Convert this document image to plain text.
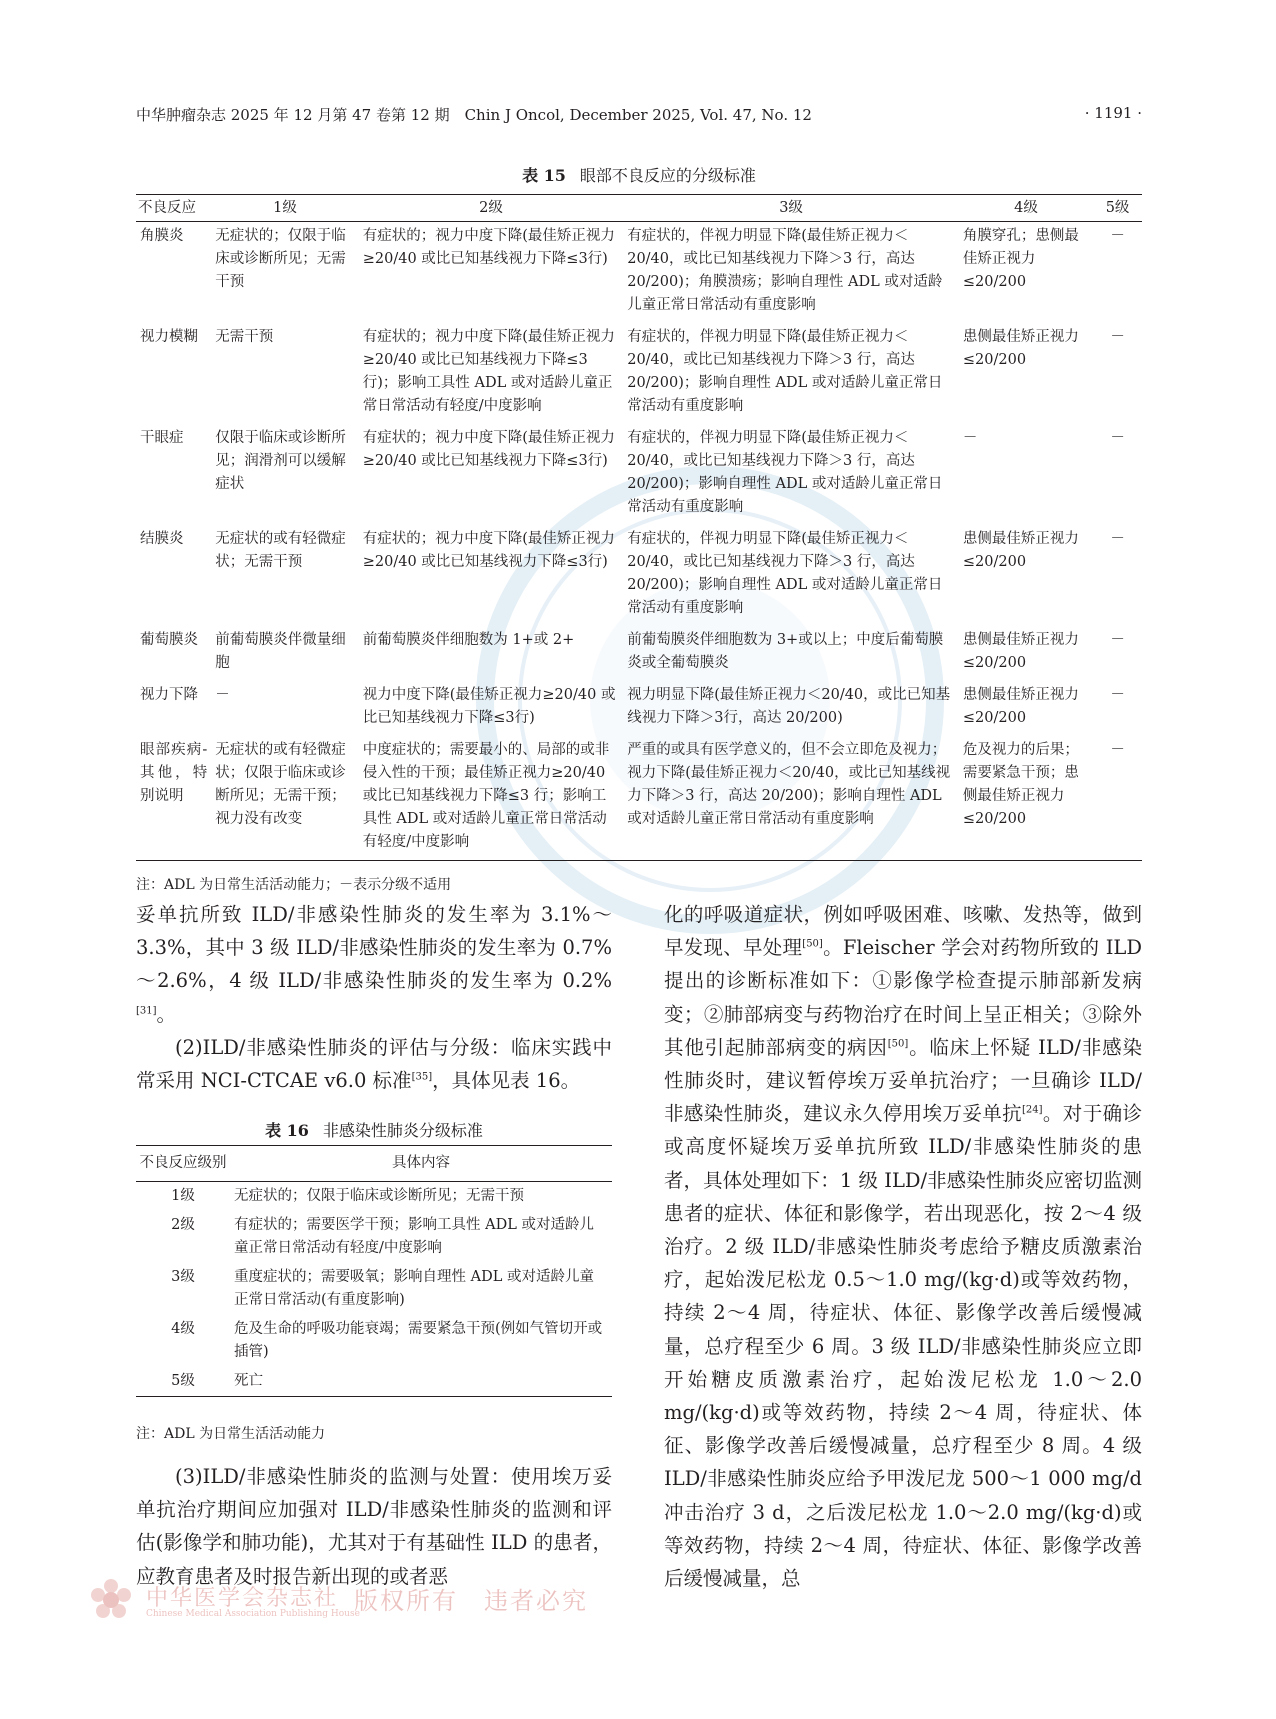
中华肿瘤杂志 2025 年 12 月第 47 卷第 12 期　Chin J Oncol, December 2025, Vol. 47, No. 12	· 1191 ·
表 15 眼部不良反应的分级标准
不良反应	1级	2级	3级	4级	5级
角膜炎	无症状的；仅限于临床或诊断所见；无需干预	有症状的；视力中度下降(最佳矫正视力≥20/40 或比已知基线视力下降≤3行)	有症状的，伴视力明显下降(最佳矫正视力＜20/40，或比已知基线视力下降＞3 行，高达 20/200)；角膜溃疡；影响自理性 ADL 或对适龄儿童正常日常活动有重度影响	角膜穿孔；患侧最佳矫正视力≤20/200	－
视力模糊	无需干预	有症状的；视力中度下降(最佳矫正视力≥20/40 或比已知基线视力下降≤3行)；影响工具性 ADL 或对适龄儿童正常日常活动有轻度/中度影响	有症状的，伴视力明显下降(最佳矫正视力＜20/40，或比已知基线视力下降＞3 行，高达 20/200)；影响自理性 ADL 或对适龄儿童正常日常活动有重度影响	患侧最佳矫正视力≤20/200	－
干眼症	仅限于临床或诊断所见；润滑剂可以缓解症状	有症状的；视力中度下降(最佳矫正视力≥20/40 或比已知基线视力下降≤3行)	有症状的，伴视力明显下降(最佳矫正视力＜20/40，或比已知基线视力下降＞3 行，高达 20/200)；影响自理性 ADL 或对适龄儿童正常日常活动有重度影响	－	－
结膜炎	无症状的或有轻微症状；无需干预	有症状的；视力中度下降(最佳矫正视力≥20/40 或比已知基线视力下降≤3行)	有症状的，伴视力明显下降(最佳矫正视力＜20/40，或比已知基线视力下降＞3 行，高达 20/200)；影响自理性 ADL 或对适龄儿童正常日常活动有重度影响	患侧最佳矫正视力≤20/200	－
葡萄膜炎	前葡萄膜炎伴微量细胞	前葡萄膜炎伴细胞数为 1+或 2+	前葡萄膜炎伴细胞数为 3+或以上；中度后葡萄膜炎或全葡萄膜炎	患侧最佳矫正视力≤20/200	－
视力下降	－	视力中度下降(最佳矫正视力≥20/40 或比已知基线视力下降≤3行)	视力明显下降(最佳矫正视力＜20/40，或比已知基线视力下降＞3行，高达 20/200)	患侧最佳矫正视力≤20/200	－
眼部疾病-其他，特别说明	无症状的或有轻微症状；仅限于临床或诊断所见；无需干预；视力没有改变	中度症状的；需要最小的、局部的或非侵入性的干预；最佳矫正视力≥20/40 或比已知基线视力下降≤3 行；影响工具性 ADL 或对适龄儿童正常日常活动有轻度/中度影响	严重的或具有医学意义的，但不会立即危及视力；视力下降(最佳矫正视力＜20/40，或比已知基线视力下降＞3 行，高达 20/200)；影响自理性 ADL 或对适龄儿童正常日常活动有重度影响	危及视力的后果；需要紧急干预；患侧最佳矫正视力≤20/200	－
注：ADL 为日常生活活动能力；－表示分级不适用

妥单抗所致 ILD/非感染性肺炎的发生率为 3.1%～3.3%，其中 3 级 ILD/非感染性肺炎的发生率为 0.7%～2.6%，4 级 ILD/非感染性肺炎的发生率为 0.2%[31]。

(2)ILD/非感染性肺炎的评估与分级：临床实践中常采用 NCI-CTCAE v6.0 标准[35]，具体见表 16。

表 16 非感染性肺炎分级标准
不良反应级别	具体内容
1级	无症状的；仅限于临床或诊断所见；无需干预
2级	有症状的；需要医学干预；影响工具性 ADL 或对适龄儿童正常日常活动有轻度/中度影响
3级	重度症状的；需要吸氧；影响自理性 ADL 或对适龄儿童正常日常活动(有重度影响)
4级	危及生命的呼吸功能衰竭；需要紧急干预(例如气管切开或插管)
5级	死亡
注：ADL 为日常生活活动能力

(3)ILD/非感染性肺炎的监测与处置：使用埃万妥单抗治疗期间应加强对 ILD/非感染性肺炎的监测和评估(影像学和肺功能)，尤其对于有基础性 ILD 的患者，应教育患者及时报告新出现的或者恶

化的呼吸道症状，例如呼吸困难、咳嗽、发热等，做到早发现、早处理[50]。Fleischer 学会对药物所致的 ILD 提出的诊断标准如下：①影像学检查提示肺部新发病变；②肺部病变与药物治疗在时间上呈正相关；③除外其他引起肺部病变的病因[50]。临床上怀疑 ILD/非感染性肺炎时，建议暂停埃万妥单抗治疗；一旦确诊 ILD/非感染性肺炎，建议永久停用埃万妥单抗[24]。对于确诊或高度怀疑埃万妥单抗所致 ILD/非感染性肺炎的患者，具体处理如下：1 级 ILD/非感染性肺炎应密切监测患者的症状、体征和影像学，若出现恶化，按 2～4 级治疗。2 级 ILD/非感染性肺炎考虑给予糖皮质激素治疗，起始泼尼松龙 0.5～1.0 mg/(kg·d)或等效药物，持续 2～4 周，待症状、体征、影像学改善后缓慢减量，总疗程至少 6 周。3 级 ILD/非感染性肺炎应立即开始糖皮质激素治疗，起始泼尼松龙 1.0～2.0 mg/(kg·d)或等效药物，持续 2～4 周，待症状、体征、影像学改善后缓慢减量，总疗程至少 8 周。4 级 ILD/非感染性肺炎应给予甲泼尼龙 500～1 000 mg/d 冲击治疗 3 d，之后泼尼松龙 1.0～2.0 mg/(kg·d)或等效药物，持续 2～4 周，待症状、体征、影像学改善后缓慢减量，总

中华医学会杂志社
Chinese Medical Association Publishing House
版权所有　违者必究
